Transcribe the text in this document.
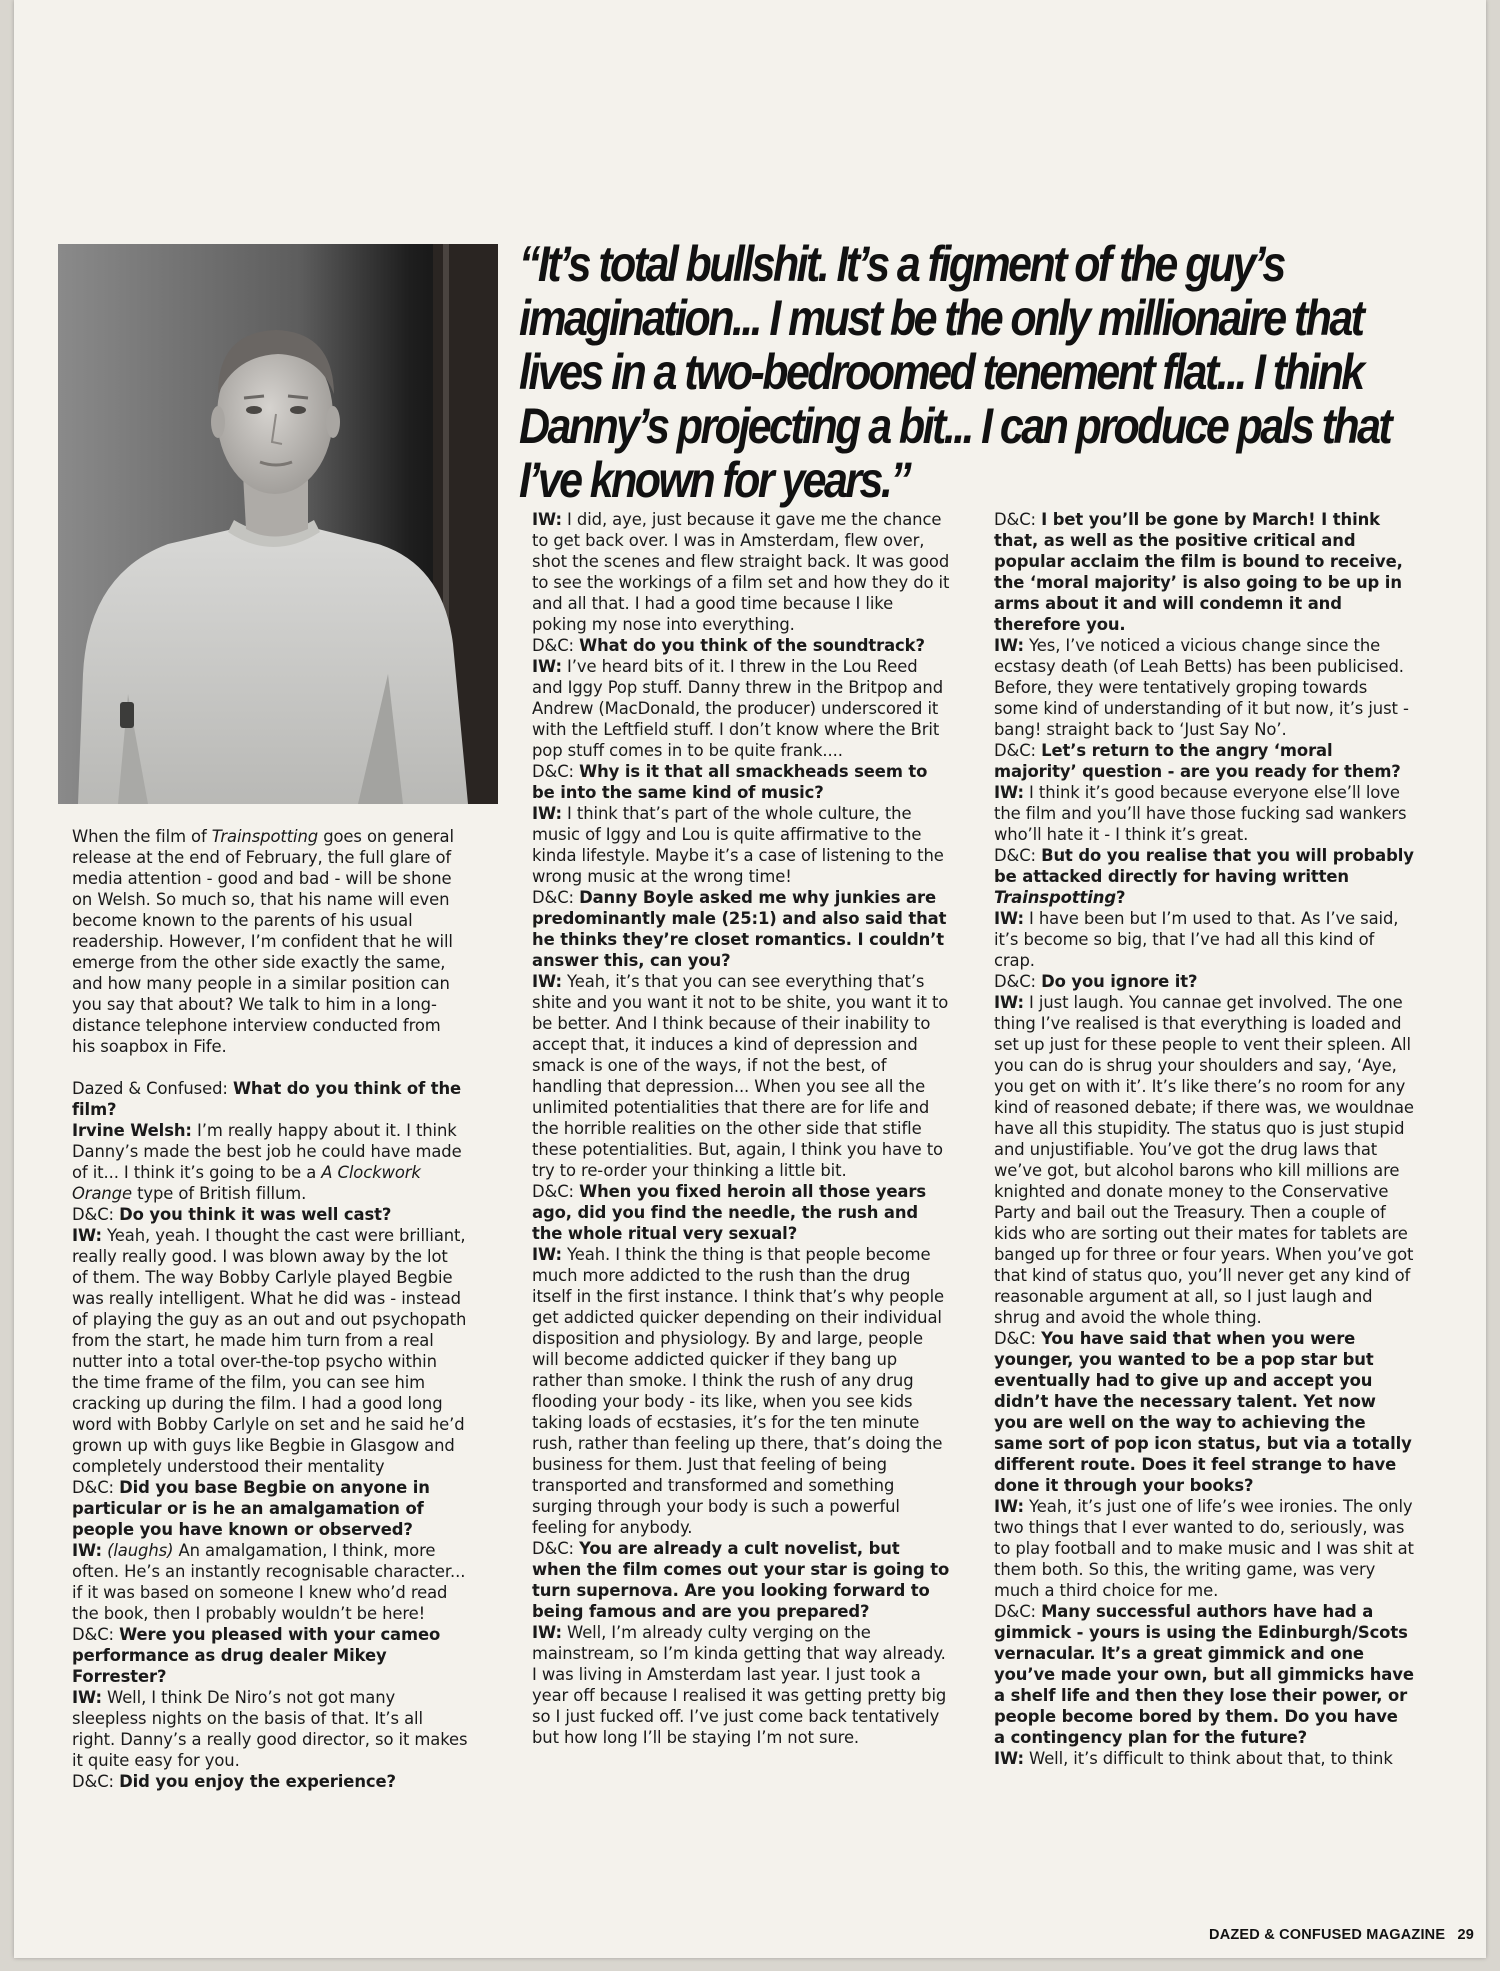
“It’s total bullshit. It’s a figment of the guy’s imagination... I must be the only millionaire that lives in a two-bedroomed tenement flat... I think Danny’s projecting a bit... I can produce pals that I’ve known for years.”

When the film of Trainspotting goes on general release at the end of February, the full glare of media attention - good and bad - will be shone on Welsh. So much so, that his name will even become known to the parents of his usual readership. However, I’m confident that he will emerge from the other side exactly the same, and how many people in a similar position can you say that about? We talk to him in a long-distance telephone interview conducted from his soapbox in Fife.

Dazed & Confused: What do you think of the film?

Irvine Welsh: I’m really happy about it. I think Danny’s made the best job he could have made of it... I think it’s going to be a A Clockwork Orange type of British fillum.

D&C: Do you think it was well cast?

IW: Yeah, yeah. I thought the cast were brilliant, really really good. I was blown away by the lot of them. The way Bobby Carlyle played Begbie was really intelligent. What he did was - instead of playing the guy as an out and out psychopath from the start, he made him turn from a real nutter into a total over-the-top psycho within the time frame of the film, you can see him cracking up during the film. I had a good long word with Bobby Carlyle on set and he said he’d grown up with guys like Begbie in Glasgow and completely understood their mentality

D&C: Did you base Begbie on anyone in particular or is he an amalgamation of people you have known or observed?

IW: (laughs) An amalgamation, I think, more often. He’s an instantly recognisable character... if it was based on someone I knew who’d read the book, then I probably wouldn’t be here!

D&C: Were you pleased with your cameo performance as drug dealer Mikey Forrester?

IW: Well, I think De Niro’s not got many sleepless nights on the basis of that. It’s all right. Danny’s a really good director, so it makes it quite easy for you.

D&C: Did you enjoy the experience?

IW: I did, aye, just because it gave me the chance to get back over. I was in Amsterdam, flew over, shot the scenes and flew straight back. It was good to see the workings of a film set and how they do it and all that. I had a good time because I like poking my nose into everything.

D&C: What do you think of the soundtrack?

IW: I’ve heard bits of it. I threw in the Lou Reed and Iggy Pop stuff. Danny threw in the Britpop and Andrew (MacDonald, the producer) underscored it with the Leftfield stuff. I don’t know where the Brit pop stuff comes in to be quite frank....

D&C: Why is it that all smackheads seem to be into the same kind of music?

IW: I think that’s part of the whole culture, the music of Iggy and Lou is quite affirmative to the kinda lifestyle. Maybe it’s a case of listening to the wrong music at the wrong time!

D&C: Danny Boyle asked me why junkies are predominantly male (25:1) and also said that he thinks they’re closet romantics. I couldn’t answer this, can you?

IW: Yeah, it’s that you can see everything that’s shite and you want it not to be shite, you want it to be better. And I think because of their inability to accept that, it induces a kind of depression and smack is one of the ways, if not the best, of handling that depression... When you see all the unlimited potentialities that there are for life and the horrible realities on the other side that stifle these potentialities. But, again, I think you have to try to re-order your thinking a little bit.

D&C: When you fixed heroin all those years ago, did you find the needle, the rush and the whole ritual very sexual?

IW: Yeah. I think the thing is that people become much more addicted to the rush than the drug itself in the first instance. I think that’s why people get addicted quicker depending on their individual disposition and physiology. By and large, people will become addicted quicker if they bang up rather than smoke. I think the rush of any drug flooding your body - its like, when you see kids taking loads of ecstasies, it’s for the ten minute rush, rather than feeling up there, that’s doing the business for them. Just that feeling of being transported and transformed and something surging through your body is such a powerful feeling for anybody.

D&C: You are already a cult novelist, but when the film comes out your star is going to turn supernova. Are you looking forward to being famous and are you prepared?

IW: Well, I’m already culty verging on the mainstream, so I’m kinda getting that way already. I was living in Amsterdam last year. I just took a year off because I realised it was getting pretty big so I just fucked off. I’ve just come back tentatively but how long I’ll be staying I’m not sure.

D&C: I bet you’ll be gone by March! I think that, as well as the positive critical and popular acclaim the film is bound to receive, the ‘moral majority’ is also going to be up in arms about it and will condemn it and therefore you.

IW: Yes, I’ve noticed a vicious change since the ecstasy death (of Leah Betts) has been publicised. Before, they were tentatively groping towards some kind of understanding of it but now, it’s just - bang! straight back to ‘Just Say No’.

D&C: Let’s return to the angry ‘moral majority’ question - are you ready for them?

IW: I think it’s good because everyone else’ll love the film and you’ll have those fucking sad wankers who’ll hate it - I think it’s great.

D&C: But do you realise that you will probably be attacked directly for having written Trainspotting?

IW: I have been but I’m used to that. As I’ve said, it’s become so big, that I’ve had all this kind of crap.

D&C: Do you ignore it?

IW: I just laugh. You cannae get involved. The one thing I’ve realised is that everything is loaded and set up just for these people to vent their spleen. All you can do is shrug your shoulders and say, ‘Aye, you get on with it’. It’s like there’s no room for any kind of reasoned debate; if there was, we wouldnae have all this stupidity. The status quo is just stupid and unjustifiable. You’ve got the drug laws that we’ve got, but alcohol barons who kill millions are knighted and donate money to the Conservative Party and bail out the Treasury. Then a couple of kids who are sorting out their mates for tablets are banged up for three or four years. When you’ve got that kind of status quo, you’ll never get any kind of reasonable argument at all, so I just laugh and shrug and avoid the whole thing.

D&C: You have said that when you were younger, you wanted to be a pop star but eventually had to give up and accept you didn’t have the necessary talent. Yet now you are well on the way to achieving the same sort of pop icon status, but via a totally different route. Does it feel strange to have done it through your books?

IW: Yeah, it’s just one of life’s wee ironies. The only two things that I ever wanted to do, seriously, was to play football and to make music and I was shit at them both. So this, the writing game, was very much a third choice for me.

D&C: Many successful authors have had a gimmick - yours is using the Edinburgh/Scots vernacular. It’s a great gimmick and one you’ve made your own, but all gimmicks have a shelf life and then they lose their power, or people become bored by them. Do you have a contingency plan for the future?

IW: Well, it’s difficult to think about that, to think

DAZED & CONFUSED MAGAZINE 29
